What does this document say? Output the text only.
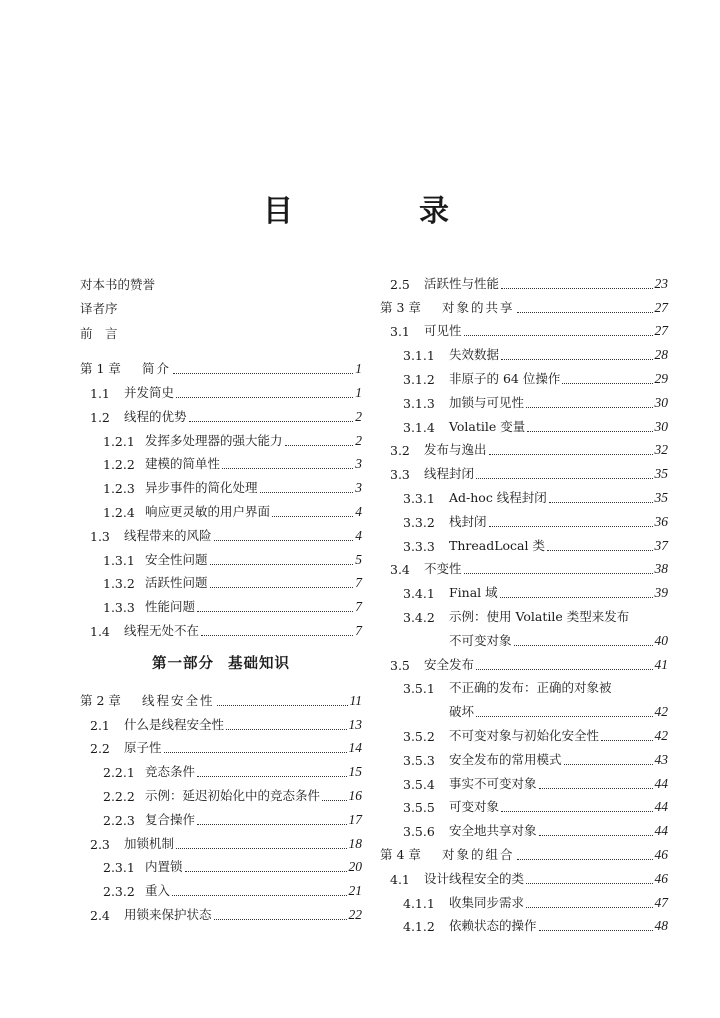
目　录
对本书的赞誉
译者序
前　言
第 1 章	简介	1
1.1	并发简史	1
1.2	线程的优势	2
1.2.1 发挥多处理器的强大能力	2
1.2.2 建模的简单性	3
1.2.3 异步事件的简化处理	3
1.2.4 响应更灵敏的用户界面	4
1.3	线程带来的风险	4
1.3.1 安全性问题	5
1.3.2 活跃性问题	7
1.3.3 性能问题	7
1.4	线程无处不在	7
第一部分 基础知识
第 2 章	线程安全性	11
2.1	什么是线程安全性	13
2.2	原子性	14
2.2.1 竞态条件	15
2.2.2 示例：延迟初始化中的竞态条件 16
2.2.3 复合操作	17
2.3	加锁机制	18
2.3.1 内置锁	20
2.3.2 重入	21
2.4	用锁来保护状态	22
2.5	活跃性与性能	23
第 3 章	对象的共享	27
3.1	可见性	27
3.1.1	失效数据	28
3.1.2	非原子的 64 位操作	29
3.1.3	加锁与可见性	30
3.1.4	Volatile 变量	30
3.2	发布与逸出	32
3.3	线程封闭	35
3.3.1	Ad-hoc 线程封闭	35
3.3.2	栈封闭	36
3.3.3	ThreadLocal 类	37
3.4	不变性	38
3.4.1	Final 域	39
3.4.2	示例：使用 Volatile 类型来发布
不可变对象	40
3.5	安全发布	41
3.5.1	不正确的发布：正确的对象被
破坏	42
3.5.2	不可变对象与初始化安全性	42
3.5.3	安全发布的常用模式	43
3.5.4	事实不可变对象	44
3.5.5	可变对象	44
3.5.6	安全地共享对象	44
第 4 章	对象的组合	46
4.1	设计线程安全的类	46
4.1.1	收集同步需求	47
4.1.2	依赖状态的操作	48
